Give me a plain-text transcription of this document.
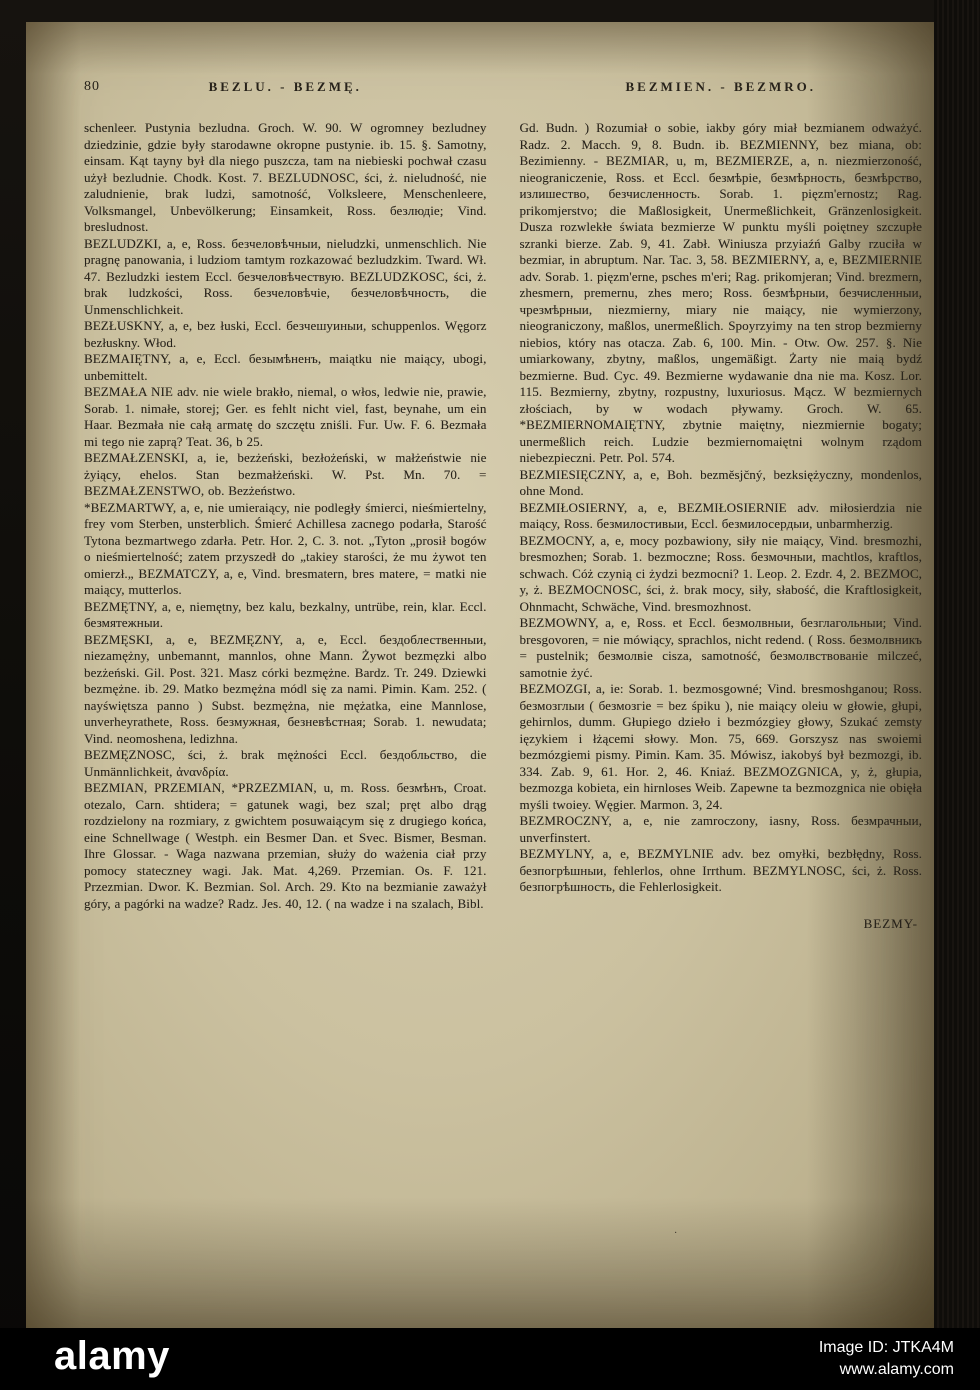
80	BEZLU. - BEZMĘ.	BEZMIEN. - BEZMRO.

schenleer. Pustynia bezludna. Groch. W. 90. W ogromney bezludney dziedzinie, gdzie były starodawne okropne pustynie. ib. 15. §. Samotny, einsam. Kąt tayny był dla niego puszcza, tam na niebieski pochwał czasu użył bezludnie. Chodk. Kost. 7. BEZLUDNOSC, ści, ż. nieludność, nie zaludnienie, brak ludzi, samotność, Volksleere, Menschenleere, Volksmangel, Unbevölkerung; Einsamkeit, Ross. безлюдіе; Vind. bresludnost.

BEZLUDZKI, a, e, Ross. безчеловѣчныи, nieludzki, unmenschlich. Nie pragnę panowania, i ludziom tamtym rozkazować bezludzkim. Tward. Wł. 47. Bezludzki iestem Eccl. безчеловѣчествую. BEZLUDZKOSC, ści, ż. brak ludzkości, Ross. безчеловѣчіе, безчеловѣчность, die Unmenschlichkeit.

BEZŁUSKNY, a, e, bez łuski, Eccl. безчешуиныи, schuppenlos. Węgorz bezłuskny. Włod.

BEZMAIĘTNY, a, e, Eccl. безымѣненъ, maiątku nie maiący, ubogi, unbemittelt.

BEZMAŁA NIE adv. nie wiele brakło, niemal, o włos, ledwie nie, prawie, Sorab. 1. nimałe, storej; Ger. es fehlt nicht viel, fast, beynahe, um ein Haar. Bezmała nie całą armatę do szczętu zniśli. Fur. Uw. F. 6. Bezmała mi tego nie zaprą? Teat. 36, b 25.

BEZMAŁZENSKI, a, ie, bezżeński, bezłożeński, w małżeństwie nie żyiący, ehelos. Stan bezmałżeński. W. Pst. Mn. 70. = BEZMAŁZENSTWO, ob. Bezżeństwo.

*BEZMARTWY, a, e, nie umieraiący, nie podległy śmierci, nieśmiertelny, frey vom Sterben, unsterblich. Śmierć Achillesa zacnego podarła, Starość Tytona bezmartwego zdarła. Petr. Hor. 2, C. 3. not. „Tyton „prosił bogów o nieśmiertelność; zatem przyszedł do „takiey starości, że mu żywot ten omierzł.„ BEZMATCZY, a, e, Vind. bresmatern, bres matere, = matki nie maiący, mutterlos.

BEZMĘTNY, a, e, niemętny, bez kalu, bezkalny, untrübe, rein, klar. Eccl. безмятежныи.

BEZMĘSKI, a, e, BEZMĘZNY, a, e, Eccl. бездоблественныи, niezamężny, unbemannt, mannlos, ohne Mann. Żywot bezmęzki albo bezżeński. Gil. Post. 321. Masz córki bezmężne. Bardz. Tr. 249. Dziewki bezmężne. ib. 29. Matko bezmężna módl się za nami. Pimin. Kam. 252. ( nayświętsza panno ) Subst. bezmężna, nie mężatka, eine Mannlose, unverheyrathete, Ross. безмужная, безневѣстная; Sorab. 1. newudata; Vind. neomoshena, ledizhna.

BEZMĘZNOSC, ści, ż. brak mężności Eccl. бездобльство, die Unmännlichkeit, ἀνανδρία.

BEZMIAN, PRZEMIAN, *PRZEZMIAN, u, m. Ross. безмѣнъ, Croat. otezalo, Carn. shtidera; = gatunek wagi, bez szal; pręt albo drąg rozdzielony na rozmiary, z gwichtem posuwaiącym się z drugiego końca, eine Schnellwage ( Westph. ein Besmer Dan. et Svec. Bismer, Besman. Ihre Glossar. - Waga nazwana przemian, służy do ważenia ciał przy pomocy stateczney wagi. Jak. Mat. 4,269. Przemian. Os. F. 121. Przezmian. Dwor. K. Bezmian. Sol. Arch. 29. Kto na bezmianie zaważył góry, a pagórki na wadze? Radz. Jes. 40, 12. ( na wadze i na szalach, Bibl.

Gd. Budn. ) Rozumiał o sobie, iakby góry miał bezmianem odważyć. Radz. 2. Macch. 9, 8. Budn. ib. BEZMIENNY, bez miana, ob: Bezimienny. - BEZMIAR, u, m, BEZMIERZE, a, n. niezmierzoność, nieograniczenie, Ross. et Eccl. безмѣріе, безмѣрность, безмѣрство, излишество, безчисленность. Sorab. 1. pięzm'ernostz; Rag. prikomjerstvo; die Maßlosigkeit, Unermeßlichkeit, Gränzenlosigkeit. Dusza rozwlekłe świata bezmierze W punktu myśli poiętney szczupłe szranki bierze. Zab. 9, 41. Zabł. Winiusza przyiaźń Galby rzuciła w bezmiar, in abruptum. Nar. Tac. 3, 58. BEZMIERNY, a, e, BEZMIERNIE adv. Sorab. 1. pięzm'erne, psches m'eri; Rag. prikomjeran; Vind. brezmern, zhesmern, premernu, zhes mero; Ross. безмѣрныи, безчисленныи, чрезмѣрныи, niezmierny, miary nie maiący, nie wymierzony, nieograniczony, maßlos, unermeßlich. Spoyrzyimy na ten strop bezmierny niebios, który nas otacza. Zab. 6, 100. Min. - Otw. Ow. 257. §. Nie umiarkowany, zbytny, maßlos, ungemäßigt. Żarty nie maią bydź bezmierne. Bud. Cyc. 49. Bezmierne wydawanie dna nie ma. Kosz. Lor. 115. Bezmierny, zbytny, rozpustny, luxuriosus. Mącz. W bezmiernych złościach, by w wodach pływamy. Groch. W. 65. *BEZMIERNOMAIĘTNY, zbytnie maiętny, niezmiernie bogaty; unermeßlich reich. Ludzie bezmiernomaiętni wolnym rządom niebezpieczni. Petr. Pol. 574.

BEZMIESIĘCZNY, a, e, Boh. bezměsjčný, bezksiężyczny, mondenlos, ohne Mond.

BEZMIŁOSIERNY, a, e, BEZMIŁOSIERNIE adv. miłosierdzia nie maiący, Ross. безмилостивыи, Eccl. безмилосердыи, unbarmherzig.

BEZMOCNY, a, e, mocy pozbawiony, siły nie maiący, Vind. bresmozhi, bresmozhen; Sorab. 1. bezmoczne; Ross. безмочныи, machtlos, kraftlos, schwach. Cóż czynią ci żydzi bezmocni? 1. Leop. 2. Ezdr. 4, 2. BEZMOC, y, ż. BEZMOCNOSC, ści, ż. brak mocy, siły, słabość, die Kraftlosigkeit, Ohnmacht, Schwäche, Vind. bresmozhnost.

BEZMOWNY, a, e, Ross. et Eccl. безмолвныи, безглагольныи; Vind. bresgovoren, = nie mówiący, sprachlos, nicht redend. ( Ross. безмолвникъ = pustelnik; безмолвіе cisza, samotność, безмолвствованіе milczeć, samotnie żyć.

BEZMOZGI, a, ie: Sorab. 1. bezmosgowné; Vind. bresmoshganou; Ross. безмозглыи ( безмозгіе = bez śpiku ), nie maiący oleiu w głowie, głupi, gehirnlos, dumm. Głupiego dzieło i bezmózgiey głowy, Szukać zemsty ięzykiem i łżącemi słowy. Mon. 75, 669. Gorszysz nas swoiemi bezmózgiemi pismy. Pimin. Kam. 35. Mówisz, iakobyś był bezmozgi, ib. 334. Zab. 9, 61. Hor. 2, 46. Kniaź. BEZMOZGNICA, y, ż, głupia, bezmozga kobieta, ein hirnloses Weib. Zapewne ta bezmozgnica nie obięła myśli twoiey. Węgier. Marmon. 3, 24.

BEZMROCZNY, a, e, nie zamroczony, iasny, Ross. безмрачныи, unverfinstert.

BEZMYLNY, a, e, BEZMYLNIE adv. bez omyłki, bezbłędny, Ross. безпогрѣшныи, fehlerlos, ohne Irrthum. BEZMYLNOSC, ści, ż. Ross. безпогрѣшность, die Fehlerlosigkeit.

BEZMY-
·
alamy	Image ID: JTKA4M
www.alamy.com
